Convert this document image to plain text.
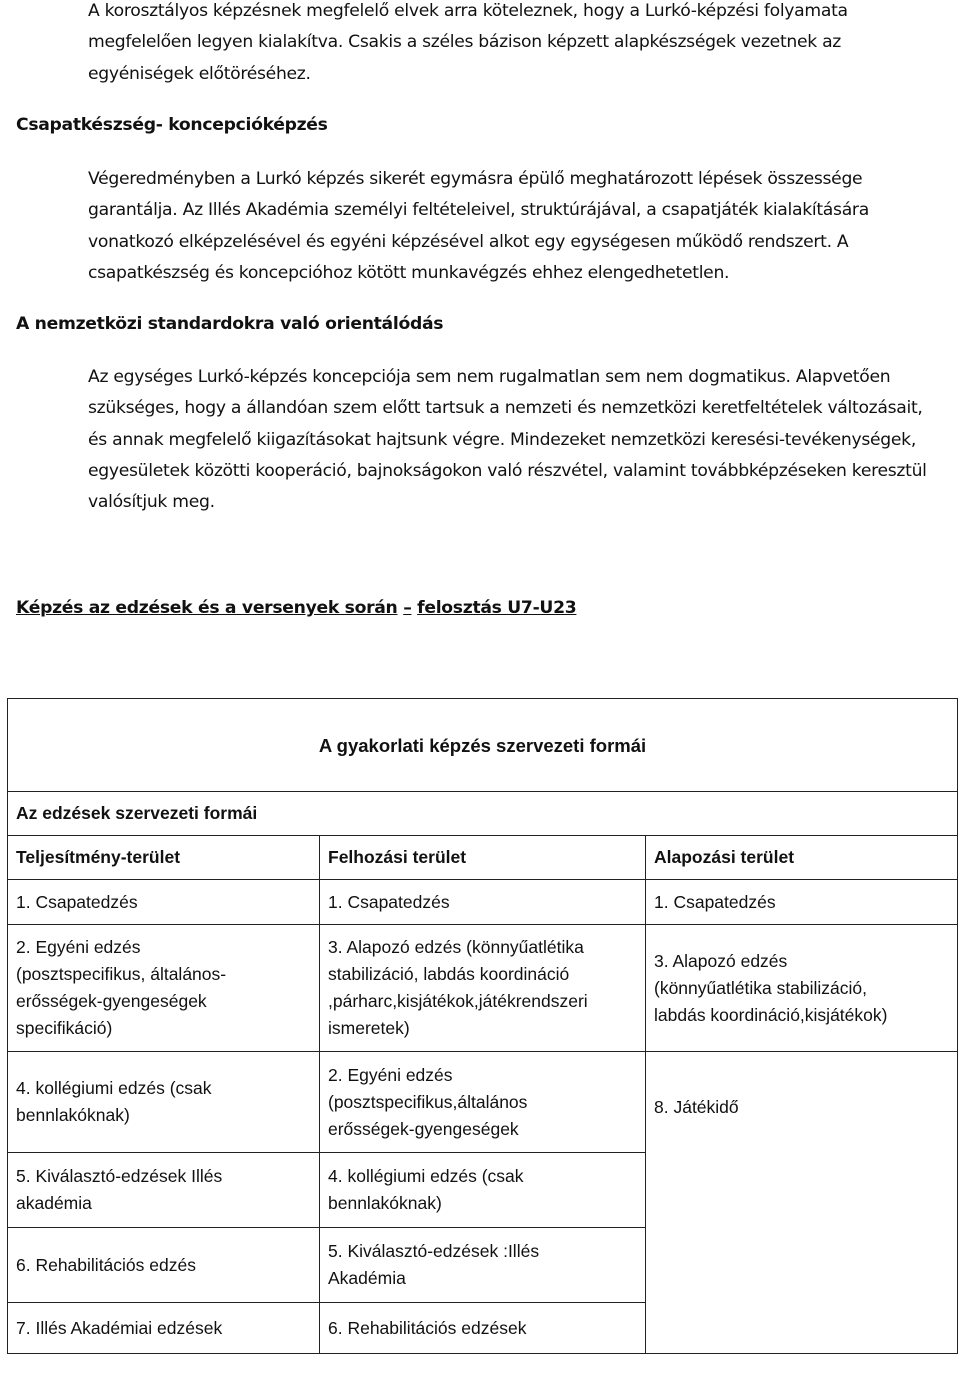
A korosztályos képzésnek megfelelő elvek arra köteleznek, hogy a Lurkó-képzési folyamata megfelelően legyen kialakítva. Csakis a széles bázison képzett alapkészségek vezetnek az egyéniségek előtöréséhez.

Csapatkészség- koncepcióképzés

Végeredményben a Lurkó képzés sikerét egymásra épülő meghatározott lépések összessége garantálja. Az Illés Akadémia személyi feltételeivel, struktúrájával, a csapatjáték kialakítására vonatkozó elképzelésével és egyéni képzésével alkot egy egységesen működő rendszert. A csapatkészség és koncepcióhoz kötött munkavégzés ehhez elengedhetetlen.

A nemzetközi standardokra való orientálódás

Az egységes Lurkó-képzés koncepciója sem nem rugalmatlan sem nem dogmatikus. Alapvetően szükséges, hogy a állandóan szem előtt tartsuk a nemzeti és nemzetközi keretfeltételek változásait, és annak megfelelő kiigazításokat hajtsunk végre. Mindezeket nemzetközi keresési-tevékenységek, egyesületek közötti kooperáció, bajnokságokon való részvétel, valamint továbbképzéseken keresztül valósítjuk meg.

Képzés az edzések és a versenyek során – felosztás U7-U23
A gyakorlati képzés szervezeti formái		
Az edzések szervezeti formái		
Teljesítmény-terület	Felhozási terület	Alapozási terület
1. Csapatedzés	1. Csapatedzés	1. Csapatedzés

2. Egyéni edzés
(posztspecifikus, általános-
erősségek-gyengeségek
specifikáció)	3. Alapozó edzés (könnyűatlétika
stabilizáció, labdás koordináció
,párharc,kisjátékok,játékrendszeri
ismeretek)	3. Alapozó edzés
(könnyűatlétika stabilizáció,
labdás koordináció,kisjátékok)

4. kollégiumi edzés (csak
bennlakóknak)	2. Egyéni edzés
(posztspecifikus,általános
erősségek-gyengeségek	8. Játékidő

5. Kiválasztó-edzések Illés
akadémia	4. kollégiumi edzés (csak
bennlakóknak)	

6. Rehabilitációs edzés	5. Kiválasztó-edzések :Illés
Akadémia	

7. Illés Akadémiai edzések	6. Rehabilitációs edzések	
